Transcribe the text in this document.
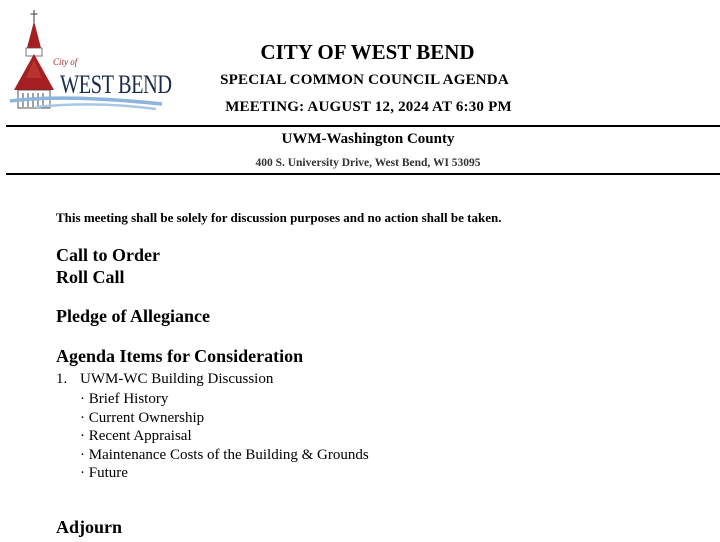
City of
WEST BEND
CITY OF WEST BEND
SPECIAL COMMON COUNCIL AGENDA
MEETING: AUGUST 12, 2024 AT 6:30 PM
UWM-Washington County
400 S. University Drive, West Bend, WI 53095
This meeting shall be solely for discussion purposes and no action shall be taken.
Call to Order
Roll Call
Pledge of Allegiance
Agenda Items for Consideration
1. UWM-WC Building Discussion
· Brief History
· Current Ownership
· Recent Appraisal
· Maintenance Costs of the Building & Grounds
· Future
Adjourn
